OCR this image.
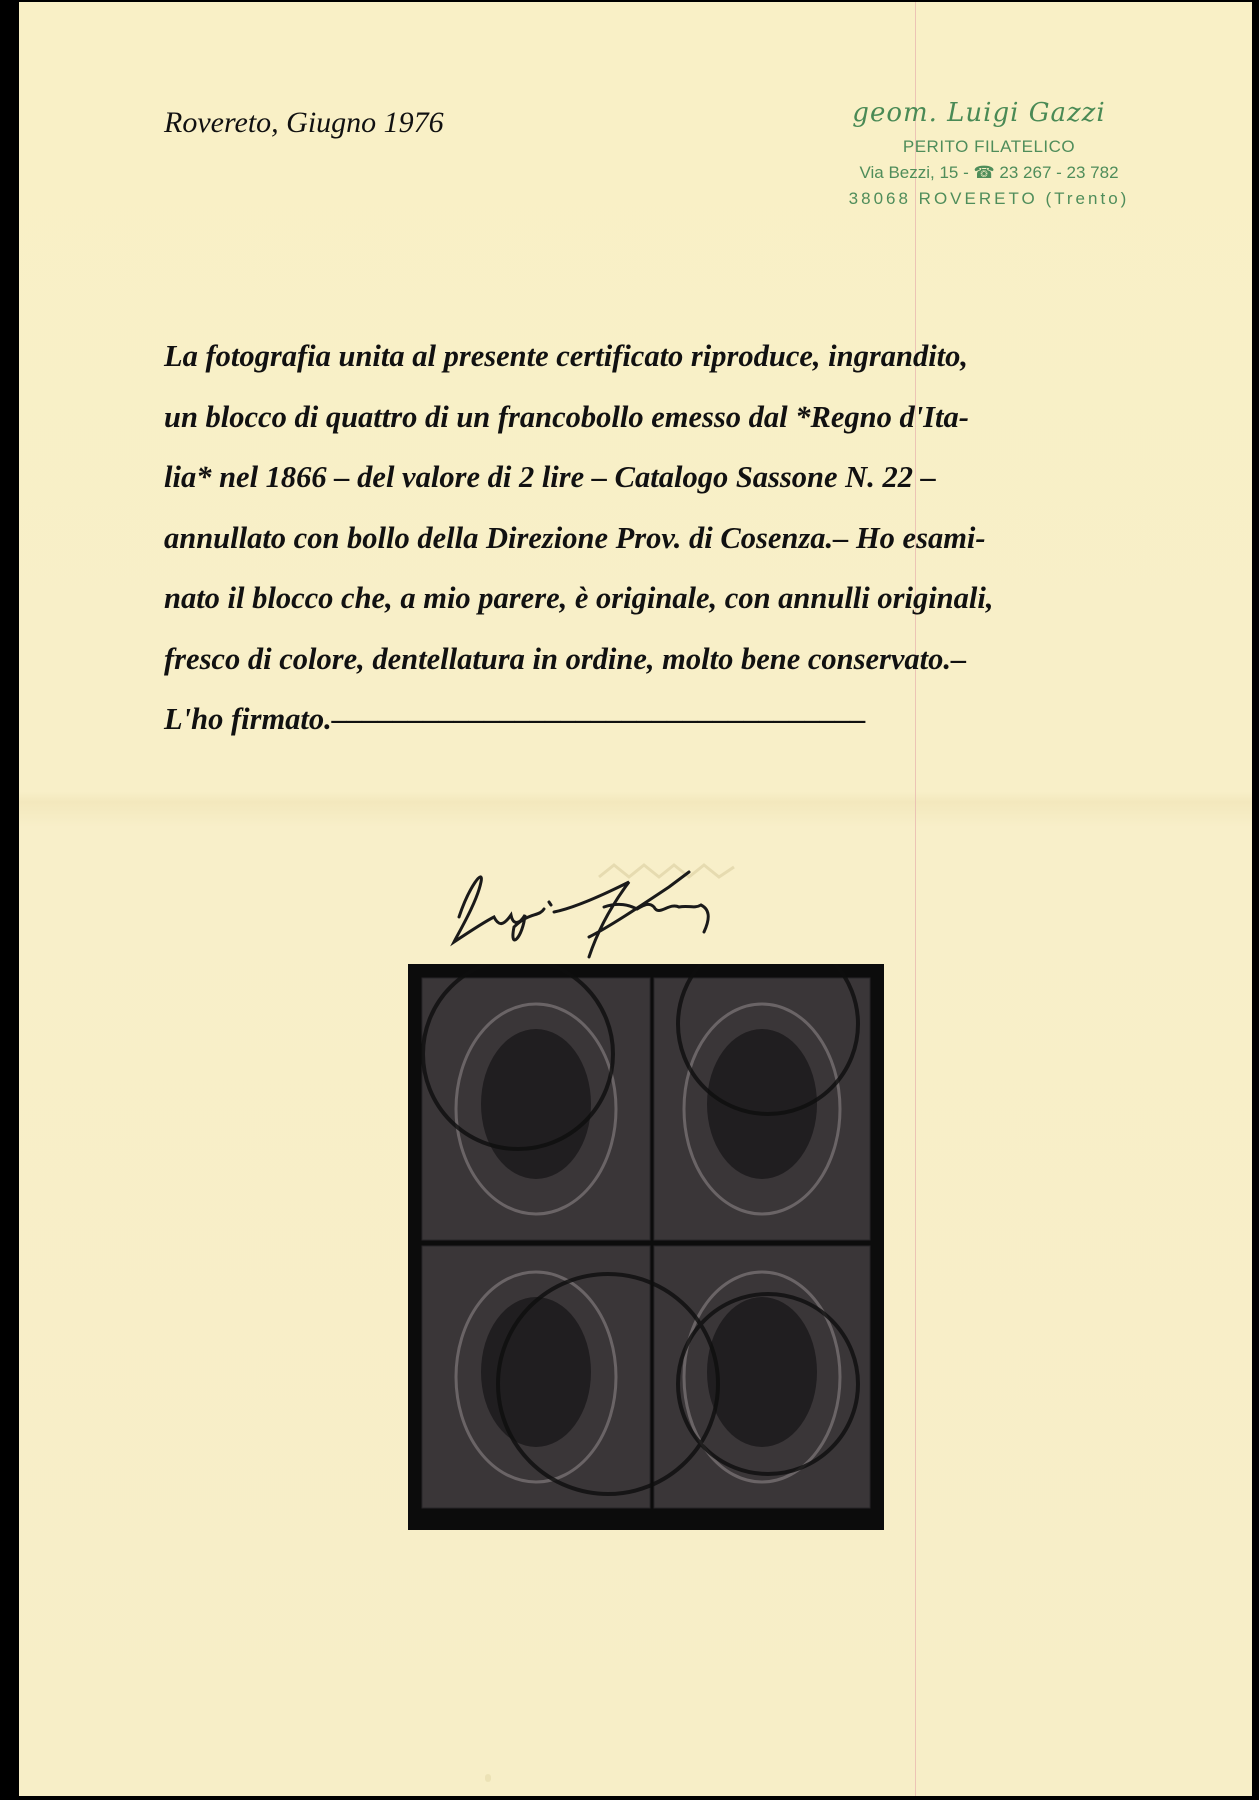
Rovereto, Giugno 1976	geom. Luigi Gazzi
PERITO FILATELICO
Via Bezzi, 15 - ☎ 23 267 - 23 782
38068 ROVERETO (Trento)
La fotografia unita al presente certificato riproduce, ingrandito,
un blocco di quattro di un francobollo emesso dal *Regno d'Ita-
lia* nel 1866 – del valore di 2 lire – Catalogo Sassone N. 22 –
annullato con bollo della Direzione Prov. di Cosenza.– Ho esami-
nato il blocco che, a mio parere, è originale, con annulli originali,
fresco di colore, dentellatura in ordine, molto bene conservato.–
L'ho firmato.–––––––––––––––––––––––––––––––––––
